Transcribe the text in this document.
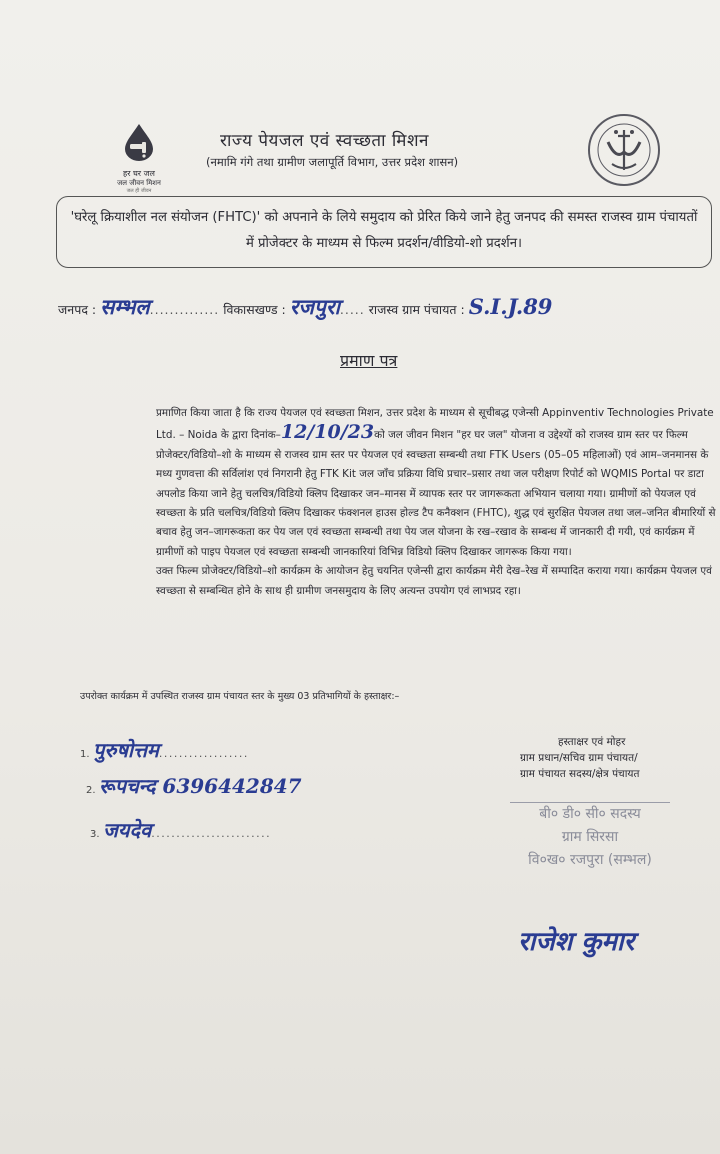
हर घर जल
जल जीवन मिशन
जल ही जीवन
राज्य पेयजल एवं स्वच्छता मिशन
(नमामि गंगे तथा ग्रामीण जलापूर्ति विभाग, उत्तर प्रदेश शासन)
'घरेलू क्रियाशील नल संयोजन (FHTC)' को अपनाने के लिये समुदाय को प्रेरित किये जाने हेतु जनपद की समस्त राजस्व ग्राम पंचायतों में प्रोजेक्टर के माध्यम से फिल्म प्रदर्शन/वीडियो-शो प्रदर्शन।
जनपद : सम्भल.............. विकासखण्ड : रजपुरा..... राजस्व ग्राम पंचायत : S.I.J.89
प्रमाण पत्र

प्रमाणित किया जाता है कि राज्य पेयजल एवं स्वच्छता मिशन, उत्तर प्रदेश के माध्यम से सूचीबद्ध एजेन्सी Appinventiv Technologies Private Ltd. – Noida के द्वारा दिनांक–12/10/23को जल जीवन मिशन "हर घर जल" योजना व उद्देश्यों को राजस्व ग्राम स्तर पर फिल्म प्रोजेक्टर/विडियो–शो के माध्यम से राजस्व ग्राम स्तर पर पेयजल एवं स्वच्छता सम्बन्धी तथा FTK Users (05–05 महिलाओं) एवं आम–जनमानस के मध्य गुणवत्ता की सर्विलांश एवं निगरानी हेतु FTK Kit जल जाँच प्रक्रिया विधि प्रचार–प्रसार तथा जल परीक्षण रिपोर्ट को WQMIS Portal पर डाटा अपलोड किया जाने हेतु चलचित्र/विडियो क्लिप दिखाकर जन–मानस में व्यापक स्तर पर जागरूकता अभियान चलाया गया। ग्रामीणों को पेयजल एवं स्वच्छता के प्रति चलचित्र/विडियो क्लिप दिखाकर फंक्शनल हाउस होल्ड टैप कनैक्शन (FHTC), शुद्ध एवं सुरक्षित पेयजल तथा जल–जनित बीमारियों से बचाव हेतु जन–जागरूकता कर पेय जल एवं स्वच्छता सम्बन्धी तथा पेय जल योजना के रख–रखाव के सम्बन्ध में जानकारी दी गयी, एवं कार्यक्रम में ग्रामीणों को पाइप पेयजल एवं स्वच्छता सम्बन्धी जानकारियां विभिन्न विडियो क्लिप दिखाकर जागरूक किया गया।

उक्त फिल्म प्रोजेक्टर/विडियो–शो कार्यक्रम के आयोजन हेतु चयनित एजेन्सी द्वारा कार्यक्रम मेरी देख–रेख में सम्पादित कराया गया। कार्यक्रम पेयजल एवं स्वच्छता से सम्बन्धित होने के साथ ही ग्रामीण जनसमुदाय के लिए अत्यन्त उपयोग एवं लाभप्रद रहा।

उपरोक्त कार्यक्रम में उपस्थित राजस्व ग्राम पंचायत स्तर के मुख्य 03 प्रतिभागियों के हस्ताक्षर:–
हस्ताक्षर एवं मोहर
ग्राम प्रधान/सचिव ग्राम पंचायत/
ग्राम पंचायत सदस्य/क्षेत्र पंचायत
1. पुरुषोत्तम..................
2. रूपचन्द 6396442847
3. जयदेव........................
बी० डी० सी० सदस्य
ग्राम सिरसा
वि०ख० रजपुरा (सम्भल)
राजेश कुमार
